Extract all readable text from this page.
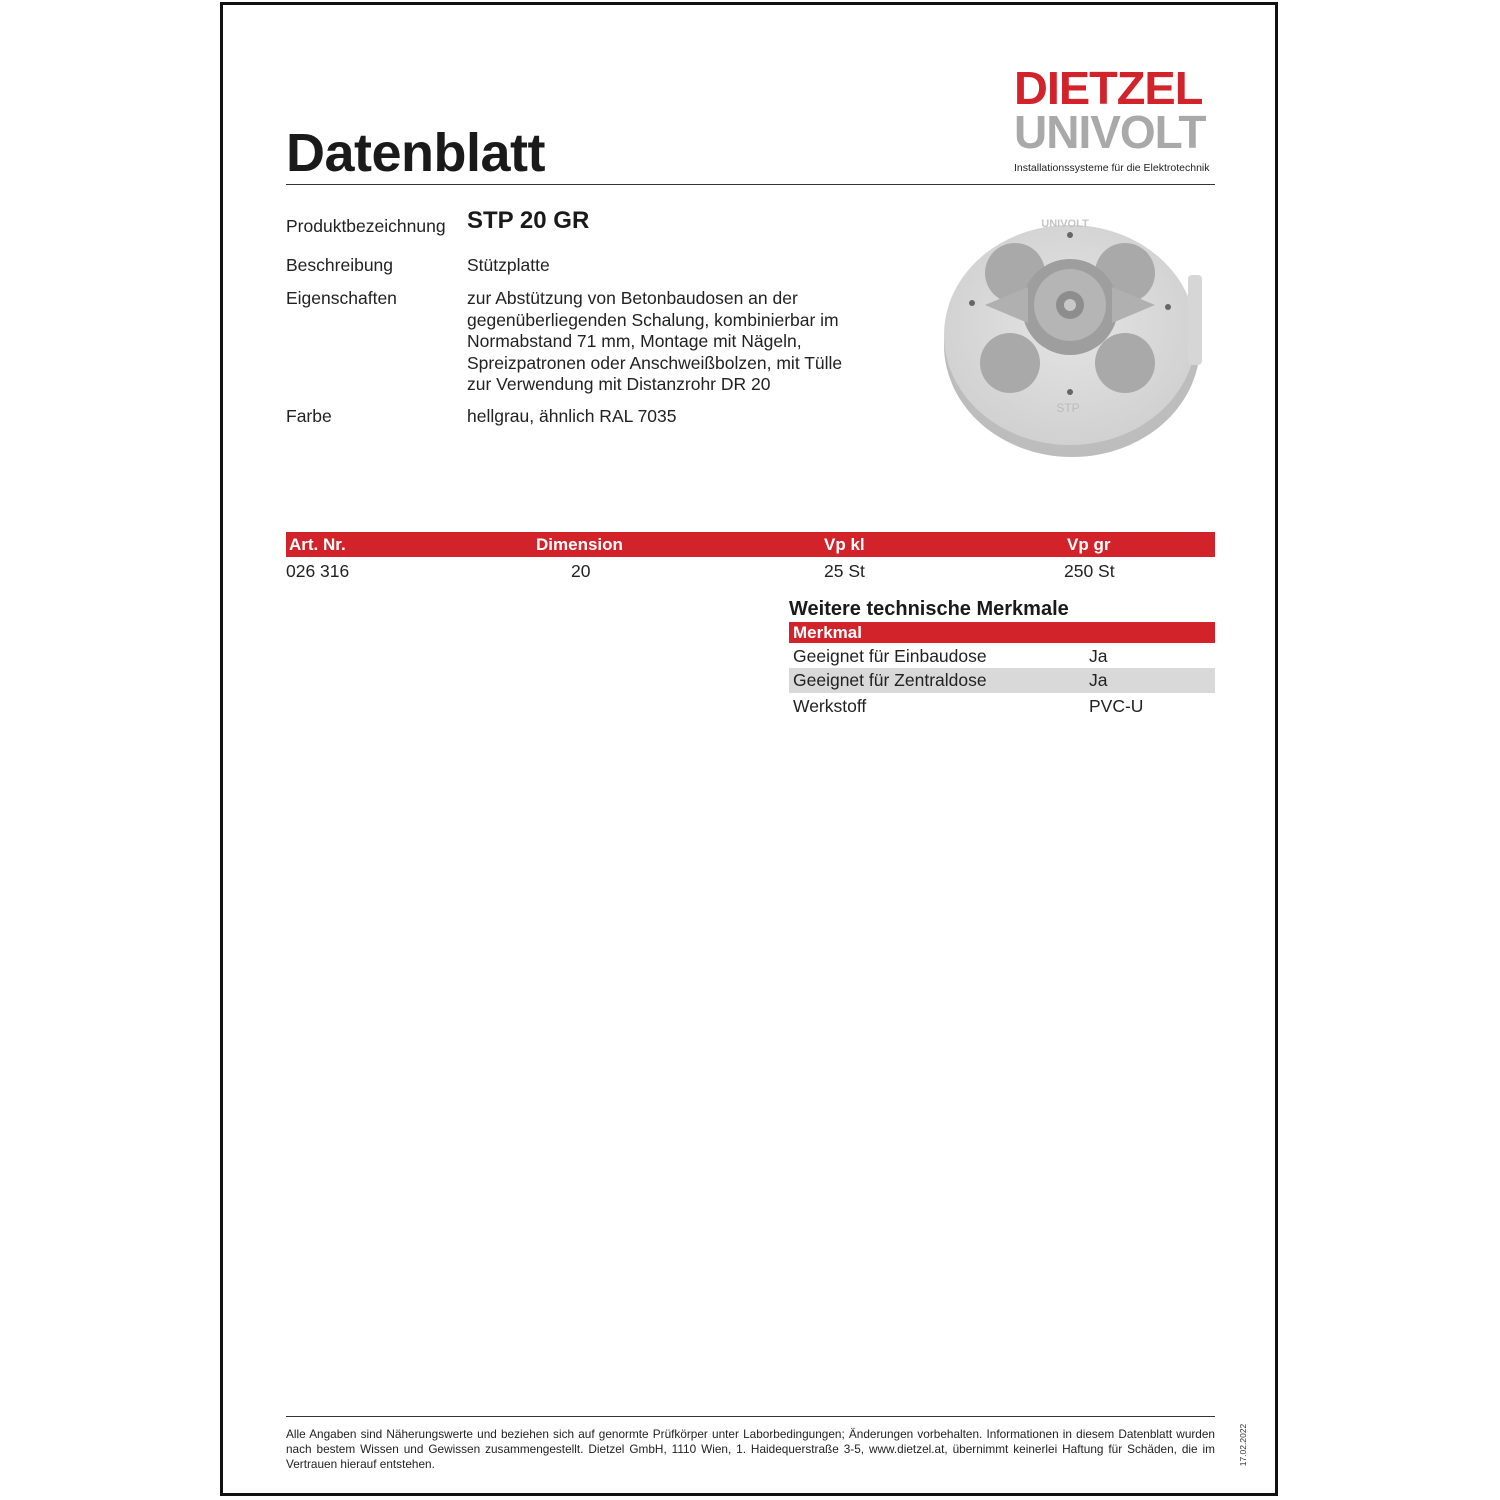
DIETZEL
UNIVOLT
Installationssysteme für die Elektrotechnik
Datenblatt
Produktbezeichnung STP 20 GR
Beschreibung	Stützplatte
Eigenschaften	zur Abstützung von Betonbaudosen an der
gegenüberliegenden Schalung, kombinierbar im
Normabstand 71 mm, Montage mit Nägeln,
Spreizpatronen oder Anschweißbolzen, mit Tülle
zur Verwendung mit Distanzrohr DR 20
Farbe	hellgrau, ähnlich RAL 7035
UNIVOLT
STP
Art. Nr.	Dimension	Vp kl	Vp gr
026 316	20	25 St	250 St
Weitere technische Merkmale
Merkmal
Geeignet für Einbaudose	Ja
Geeignet für Zentraldose	Ja
Werkstoff	PVC-U
Alle Angaben sind Näherungswerte und beziehen sich auf genormte Prüfkörper unter Laborbedingungen; Änderungen vorbehalten. Informationen in diesem Datenblatt wurden nach bestem Wissen und Gewissen zusammengestellt. Dietzel GmbH, 1110 Wien, 1. Haidequerstraße 3-5, www.dietzel.at, übernimmt keinerlei Haftung für Schäden, die im Vertrauen hierauf entstehen.	17.02.2022
